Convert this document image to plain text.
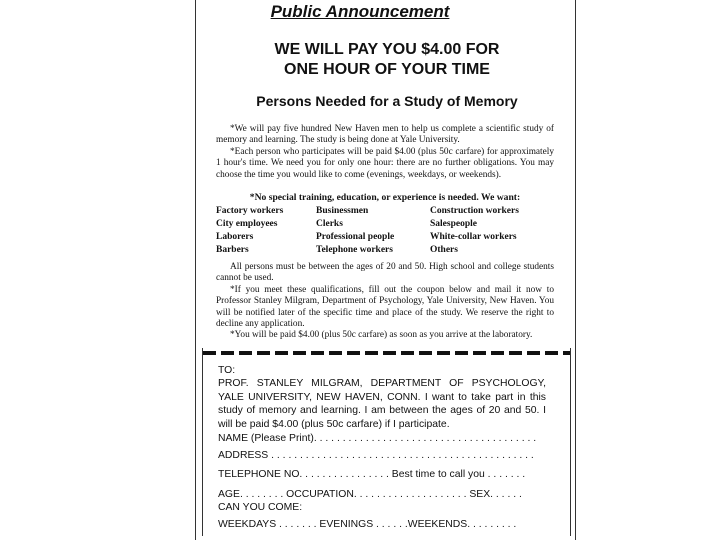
Public Announcement
WE WILL PAY YOU $4.00 FOR
ONE HOUR OF YOUR TIME
Persons Needed for a Study of Memory

*We will pay five hundred New Haven men to help us complete a scientific study of memory and learning. The study is being done at Yale University.

*Each person who participates will be paid $4.00 (plus 50c carfare) for approximately 1 hour's time. We need you for only one hour: there are no further obligations. You may choose the time you would like to come (evenings, weekdays, or weekends).

*No special training, education, or experience is needed. We want:
Factory workers	Businessmen	Construction workers
City employees	Clerks	Salespeople
Laborers	Professional people	White-collar workers
Barbers	Telephone workers	Others

All persons must be between the ages of 20 and 50. High school and college students cannot be used.

*If you meet these qualifications, fill out the coupon below and mail it now to Professor Stanley Milgram, Department of Psychology, Yale University, New Haven. You will be notified later of the specific time and place of the study. We reserve the right to decline any application.

*You will be paid $4.00 (plus 50c carfare) as soon as you arrive at the laboratory.

TO:
PROF. STANLEY MILGRAM, DEPARTMENT OF PSYCHOLOGY, YALE UNIVERSITY, NEW HAVEN, CONN. I want to take part in this study of memory and learning. I am between the ages of 20 and 50. I will be paid $4.00 (plus 50c carfare) if I participate.
NAME (Please Print). . . . . . . . . . . . . . . . . . . . . . . . . . . . . . . . . . . . . . .
ADDRESS . . . . . . . . . . . . . . . . . . . . . . . . . . . . . . . . . . . . . . . . . . . . . .
TELEPHONE NO. . . . . . . . . . . . . . . . Best time to call you . . . . . . .
AGE. . . . . . . . OCCUPATION. . . . . . . . . . . . . . . . . . . . SEX. . . . . .
CAN YOU COME:
WEEKDAYS . . . . . . . EVENINGS . . . . . .WEEKENDS. . . . . . . . .
